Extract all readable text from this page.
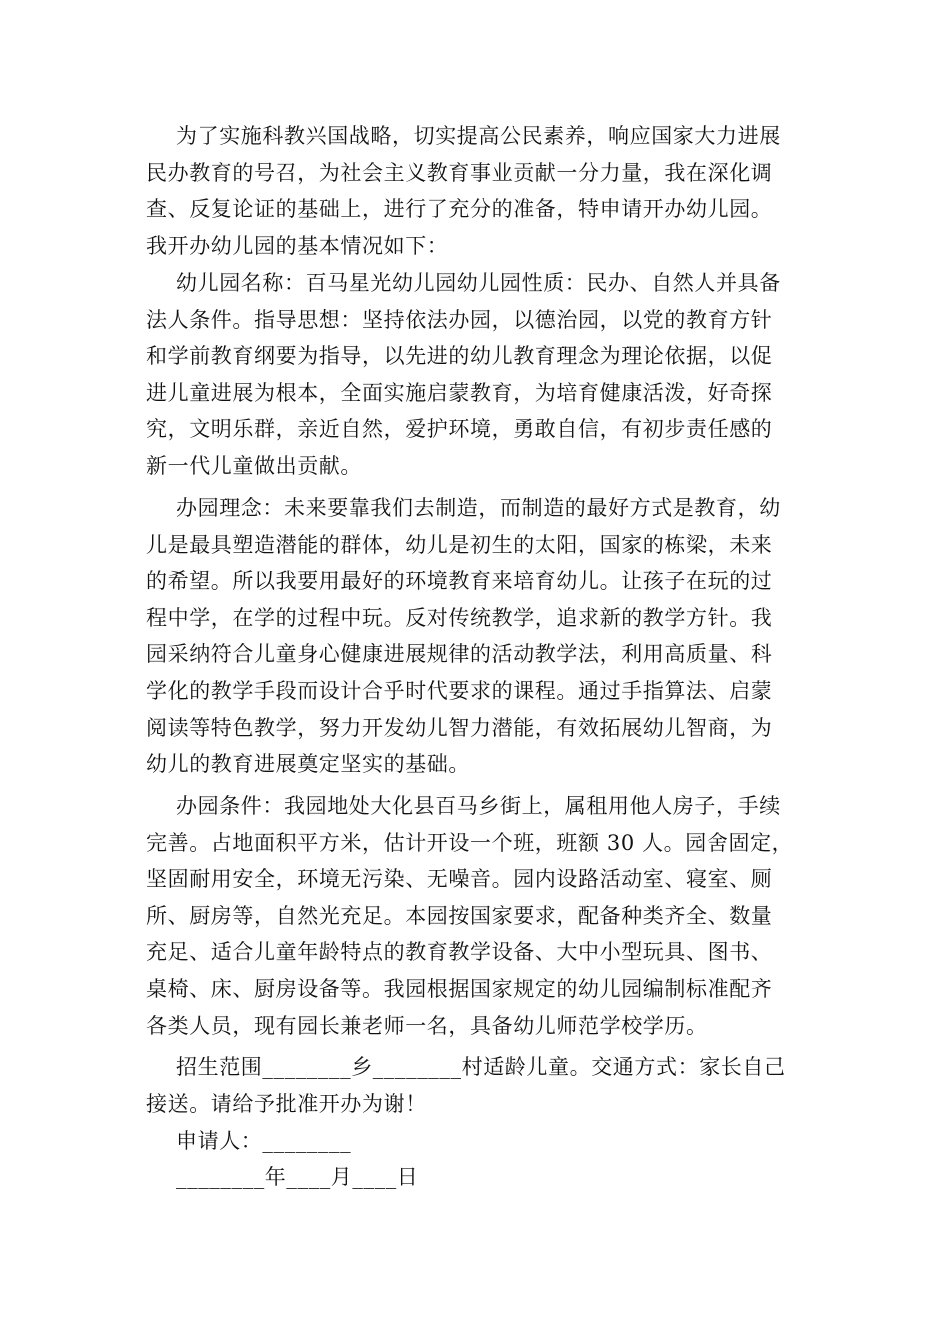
为了实施科教兴国战略，切实提高公民素养，响应国家大力进展
民办教育的号召，为社会主义教育事业贡献一分力量，我在深化调
查、反复论证的基础上，进行了充分的准备，特申请开办幼儿园。
我开办幼儿园的基本情况如下：
幼儿园名称：百马星光幼儿园幼儿园性质：民办、自然人并具备
法人条件。指导思想：坚持依法办园，以德治园，以党的教育方针
和学前教育纲要为指导，以先进的幼儿教育理念为理论依据，以促
进儿童进展为根本，全面实施启蒙教育，为培育健康活泼，好奇探
究，文明乐群，亲近自然，爱护环境，勇敢自信，有初步责任感的
新一代儿童做出贡献。
办园理念：未来要靠我们去制造，而制造的最好方式是教育，幼
儿是最具塑造潜能的群体，幼儿是初生的太阳，国家的栋梁，未来
的希望。所以我要用最好的环境教育来培育幼儿。让孩子在玩的过
程中学，在学的过程中玩。反对传统教学，追求新的教学方针。我
园采纳符合儿童身心健康进展规律的活动教学法，利用高质量、科
学化的教学手段而设计合乎时代要求的课程。通过手指算法、启蒙
阅读等特色教学，努力开发幼儿智力潜能，有效拓展幼儿智商，为
幼儿的教育进展奠定坚实的基础。
办园条件：我园地处大化县百马乡街上，属租用他人房子，手续
完善。占地面积平方米，估计开设一个班，班额 30 人。园舍固定，
坚固耐用安全，环境无污染、无噪音。园内设路活动室、寝室、厕
所、厨房等，自然光充足。本园按国家要求，配备种类齐全、数量
充足、适合儿童年龄特点的教育教学设备、大中小型玩具、图书、
桌椅、床、厨房设备等。我园根据国家规定的幼儿园编制标准配齐
各类人员，现有园长兼老师一名，具备幼儿师范学校学历。
招生范围________乡________村适龄儿童。交通方式：家长自己
接送。请给予批准开办为谢！
申请人：________
________年____月____日
